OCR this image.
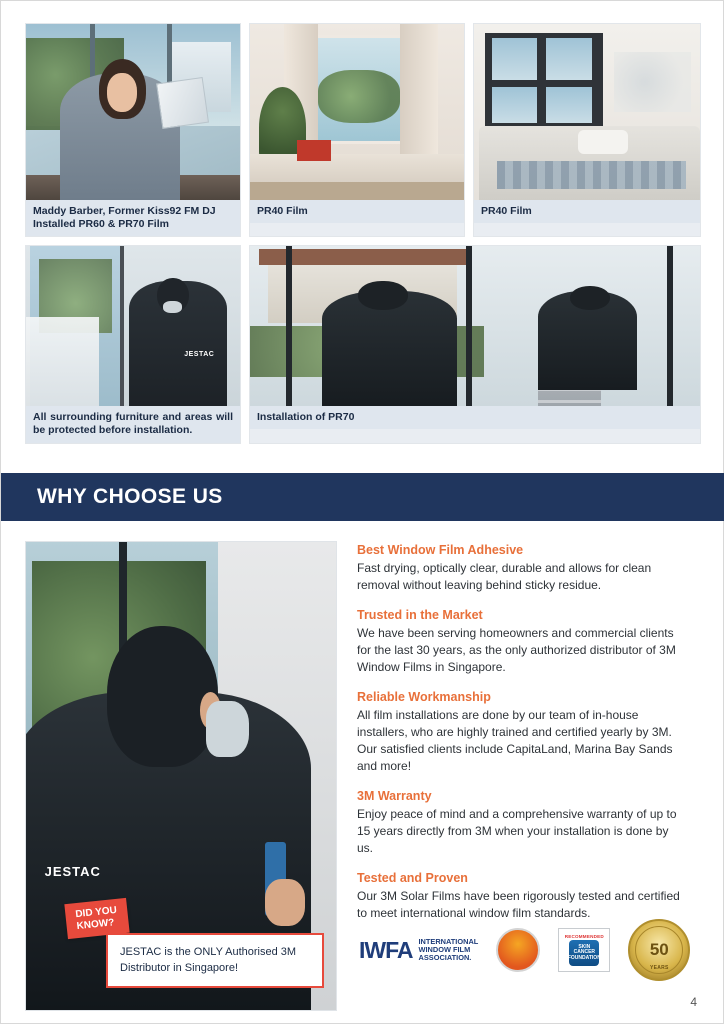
Maddy Barber, Former Kiss92 FM DJ Installed PR60 & PR70 Film
PR40 Film	PR40 Film
JESTAC
All surrounding furniture and areas will be protected before installation.
Installation of PR70
WHY CHOOSE US
JESTAC
DID YOU
KNOW?
JESTAC is the ONLY Authorised 3M Distributor in Singapore!
Best Window Film Adhesive

Fast drying, optically clear, durable and allows for clean removal without leaving behind sticky residue.

Trusted in the Market

We have been serving homeowners and commercial clients for the last 30 years, as the only authorized distributor of 3M Window Films in Singapore.

Reliable Workmanship

All film installations are done by our team of in-house installers, who are highly trained and certified yearly by 3M. Our satisfied clients include CapitaLand, Marina Bay Sands and more!

3M Warranty

Enjoy peace of mind and a comprehensive warranty of up to 15 years directly from 3M when your installation is done by us.

Tested and Proven

Our 3M Solar Films have been rigorously tested and certified to meet international window film standards.

IWFA INTERNATIONAL
WINDOW FILM
ASSOCIATION.
RECOMMENDED
SKIN CANCER FOUNDATION	50
YEARS
4
